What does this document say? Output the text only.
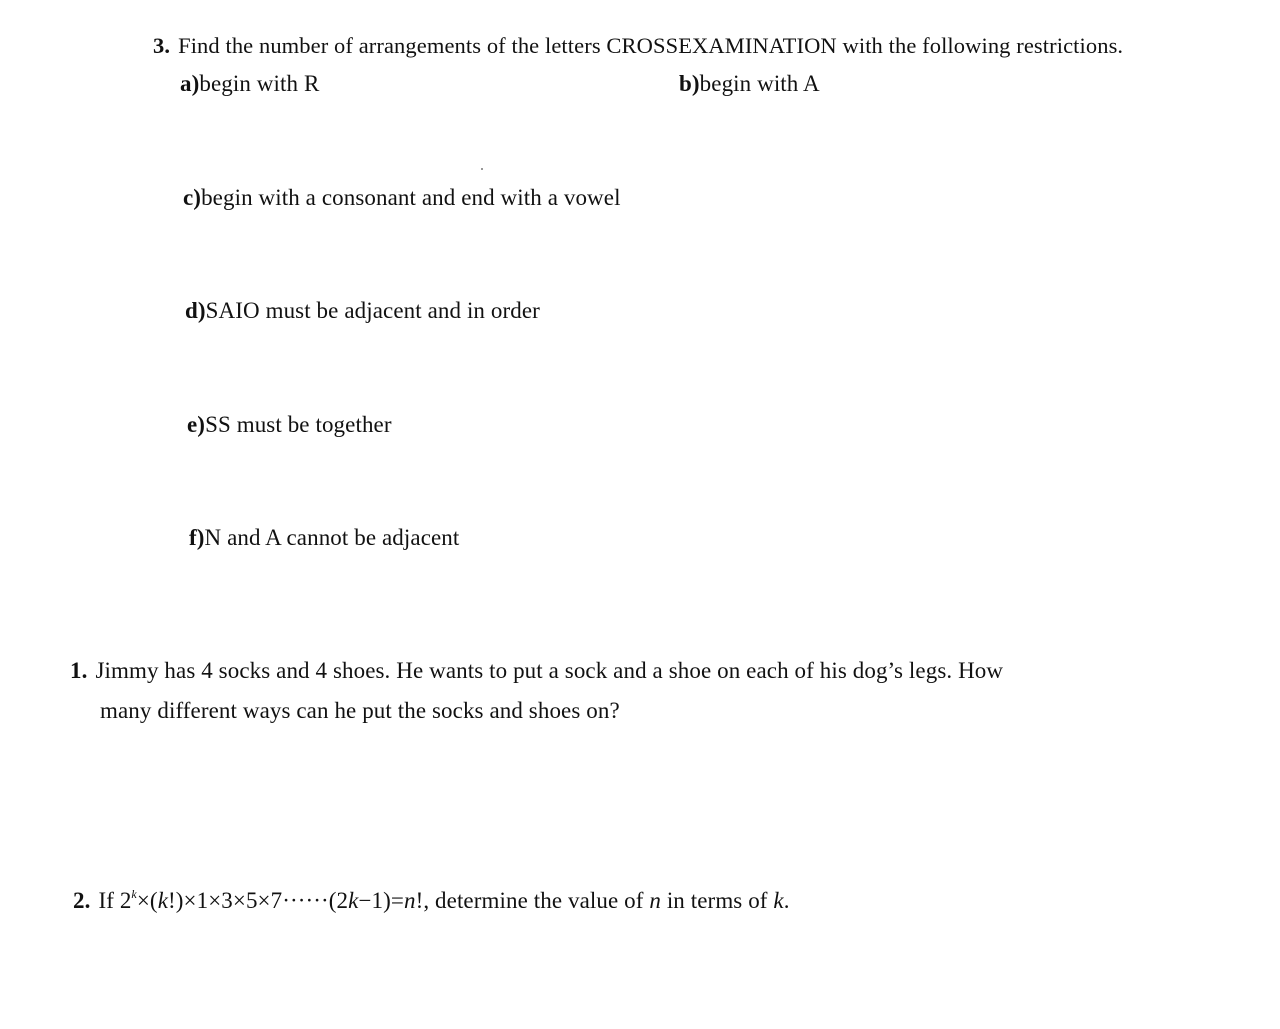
3. Find the number of arrangements of the letters CROSSEXAMINATION with the following restrictions.
a)begin with R	b)begin with A
c)begin with a consonant and end with a vowel
d)SAIO must be adjacent and in order
e)SS must be together
f)N and A cannot be adjacent
1. Jimmy has 4 socks and 4 shoes. He wants to put a sock and a shoe on each of his dog’s legs. How
many different ways can he put the socks and shoes on?
2. If $2^k\times(k!)\times 1\times 3\times 5\times 7\cdot\cdot\cdot\cdot\cdot\cdot(2k-1)=n$!, determine the value of n in terms of k.
